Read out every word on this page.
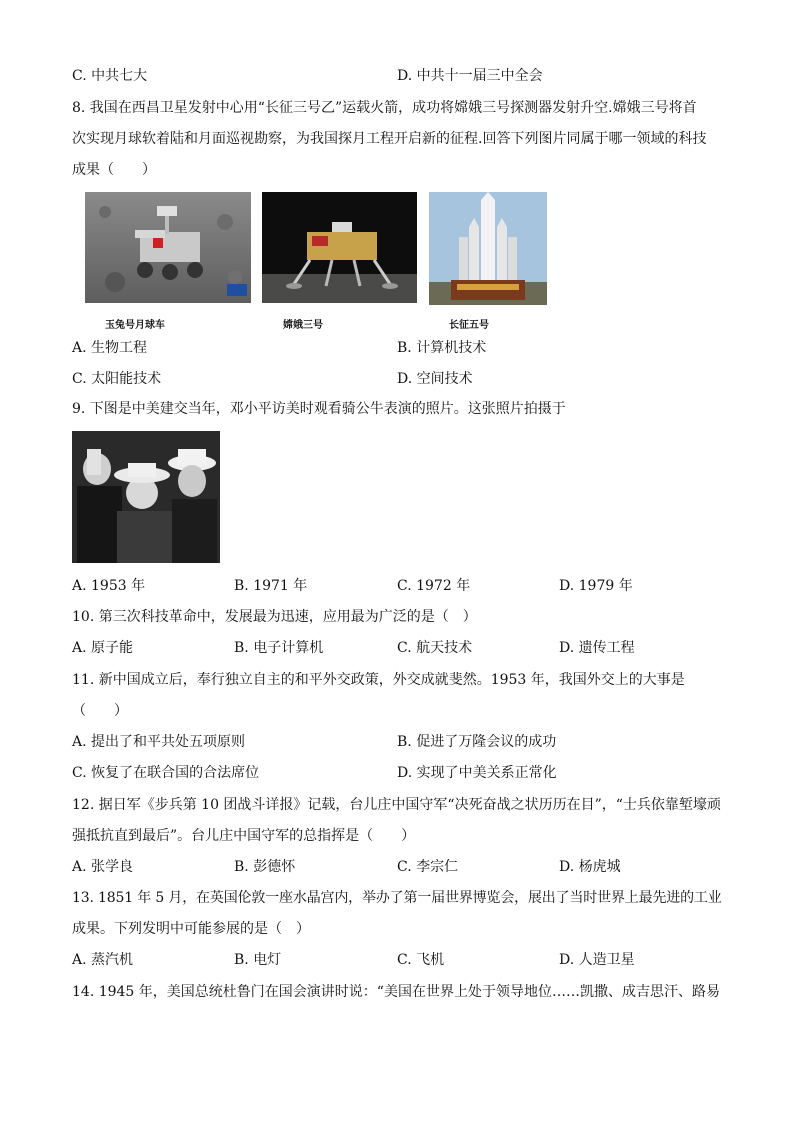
C. 中共七大	D. 中共十一届三中全会
8. 我国在西昌卫星发射中心用“长征三号乙”运载火箭，成功将嫦娥三号探测器发射升空.嫦娥三号将首
次实现月球软着陆和月面巡视勘察，为我国探月工程开启新的征程.回答下列图片同属于哪一领域的科技
成果（　　）
玉兔号月球车	嫦娥三号	长征五号
A. 生物工程	B. 计算机技术
C. 太阳能技术	D. 空间技术
9. 下图是中美建交当年，邓小平访美时观看骑公牛表演的照片。这张照片拍摄于
A. 1953 年	B. 1971 年	C. 1972 年	D. 1979 年
10. 第三次科技革命中，发展最为迅速，应用最为广泛的是（　）
A. 原子能	B. 电子计算机	C. 航天技术	D. 遗传工程
11. 新中国成立后，奉行独立自主的和平外交政策，外交成就斐然。1953 年，我国外交上的大事是
（　　）
A. 提出了和平共处五项原则	B. 促进了万隆会议的成功
C. 恢复了在联合国的合法席位	D. 实现了中美关系正常化
12. 据日军《步兵第 10 团战斗详报》记载，台儿庄中国守军“决死奋战之状历历在目”，“士兵依靠堑壕顽
强抵抗直到最后”。台儿庄中国守军的总指挥是（　　）
A. 张学良	B. 彭德怀	C. 李宗仁	D. 杨虎城
13. 1851 年 5 月，在英国伦敦一座水晶宫内，举办了第一届世界博览会，展出了当时世界上最先进的工业
成果。下列发明中可能参展的是（　）
A. 蒸汽机	B. 电灯	C. 飞机	D. 人造卫星
14. 1945 年，美国总统杜鲁门在国会演讲时说：“美国在世界上处于领导地位……凯撒、成吉思汗、路易
